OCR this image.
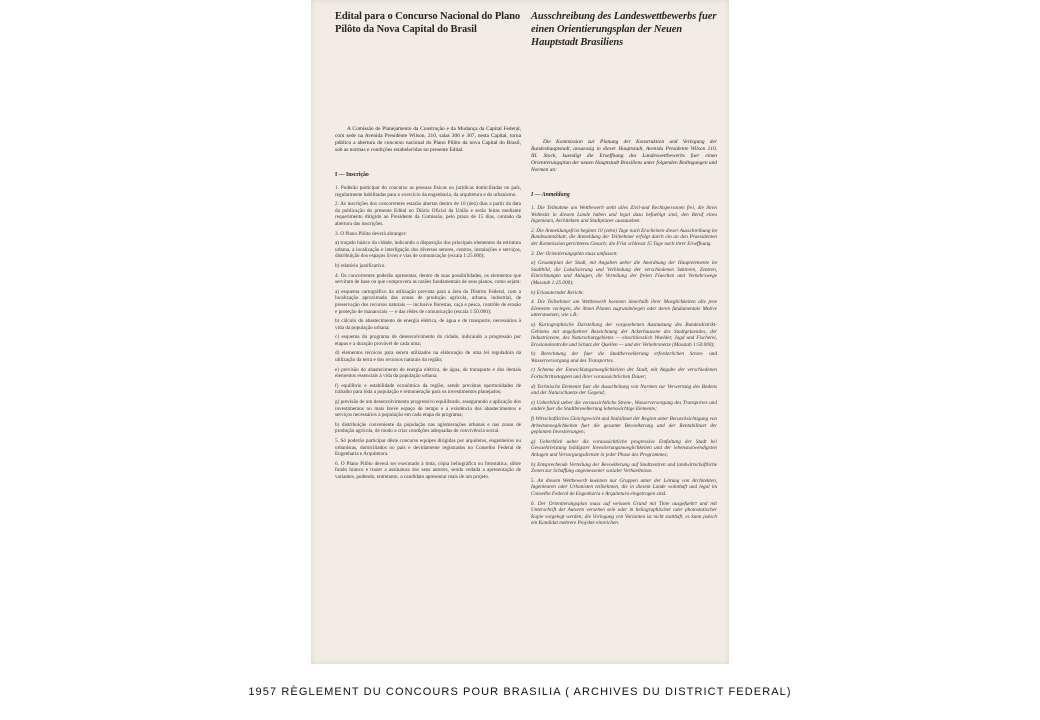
Edital para o Concurso Nacional do Plano Pilôto da Nova Capital do Brasil
A Comissão de Planejamento da Construção e da Mudança da Capital Federal, com sede na Avenida Presidente Wilson, 210, salas 306 e 307, nesta Capital, torna público a abertura do concurso nacional do Plano Pilôto da nova Capital do Brasil, sob as normas e condições estabelecidas no presente Edital.
I — Inscrição
1. Poderão participar do concurso as pessoas físicas ou jurídicas domiciliadas no país, regularmente habilitadas para o exercício da engenharia, da arquitetura e do urbanismo.
2. As inscrições dos concorrentes estarão abertas dentro de 10 (dez) dias a partir da data da publicação do presente Edital no Diário Oficial da União e serão feitas mediante requerimento dirigido ao Presidente da Comissão, pelo prazo de 15 dias, contado da abertura das inscrições.
3. O Plano Pilôto deverá abranger:
a) traçado básico da cidade, indicando a disposição dos principais elementos da estrutura urbana, a localização e interligação dos diversos setores, centros, instalações e serviços, distribuição dos espaços livres e vias de comunicação (escala 1:25.000);
b) relatório justificativo.
4. Os concorrentes poderão apresentar, dentro de suas possibilidades, os elementos que serviram de base ou que comprovem as razões fundamentais de seus planos, como sejam:
a) esquema cartográfico da utilização prevista para a área do Distrito Federal, com a localização aproximada das zonas de produção agrícola, urbana, industrial, de preservação dos recursos naturais — inclusive florestas, caça e pesca, contrôle de erosão e proteção de mananciais — e das rêdes de comunicação (escala 1:50.000);
b) cálculo do abastecimento de energia elétrica, de água e de transporte, necessários à vida da população urbana;
c) esquema do programa de desenvolvimento da cidade, indicando a progressão por etapas e a duração provável de cada uma;
d) elementos técnicos para serem utilizados na elaboração de uma lei reguladora da utilização da terra e dos recursos naturais da região;
e) previsão do abastecimento de energia elétrica, de água, de transporte e dos demais elementos essenciais à vida da população urbana;
f) equilíbrio e estabilidade econômica da região, sendo previstas oportunidades de trabalho para tôda a população e remuneração para os investimentos planejados;
g) previsão de um desenvolvimento progressivo equilibrado, assegurando a aplicação dos investimentos no mais breve espaço de tempo e a existência dos abastecimentos e serviços necessários à população em cada etapa do programa;
h) distribuição conveniente da população nas aglomerações urbanas e nas zonas de produção agrícola, de modo a criar condições adequadas de convivência social.
5. Só poderão participar dêste concurso equipes dirigidas por arquitetos, engenheiros ou urbanistas, domiciliados no país e devidamente registrados no Conselho Federal de Engenharia e Arquitetura.
6. O Plano Pilôto deverá ser executado à tinta, cópia heliográfica ou fotostática, sôbre fundo branco e trazer a assinatura dos seus autores, sendo vedada a apresentação de variantes, podendo, entretanto, o candidato apresentar mais de um projeto.
Ausschreibung des Landeswettbewerbs fuer einen Orientierungsplan der Neuen Hauptstadt Brasiliens
Die Kommission zur Planung der Konstruktion und Verlegung der Bundeshauptstadt, ansaessig in dieser Hauptstadt, Avenida Presidente Wilson 210, III. Stock, kuendigt die Eroeffnung des Landeswettbewerbs fuer einen Orientierungsplan der neuen Hauptstadt Brasiliens unter folgenden Bedingungen und Normen an:
I — Anmeldung
1. Die Teilnahme am Wettbewerb steht alles Zivil-und Rechtspersonen frei, die ihren Wohnsitz in diesem Lande haben und legal dazu befaehigt sind, den Beruf eines Ingenieurs, Architekten und Stadtplaner auszuueben.
2. Die Anmeldungsfrist beginnt 10 (zehn) Tage nach Erscheinen dieser Ausschreibung im Bundesamtsblatt; die Anmeldung der Teilnehmer erfolgt durch ein an den Praesidenten der Kommission gerichtetes Gesuch; die Frist schliesst 15 Tage nach ihrer Eroeffnung.
3. Der Orientierungsplan muss umfassen:
a) Gesamtplan der Stadt, mit Angaben ueber die Anordnung der Hauptelemente im Stadtbild, die Lokalisierung und Verbindung der verschiedenen Sektoren, Zentren, Einrichtungen und Anlagen, die Verteilung der freien Flaechen und Verkehrswege (Masstab 1:25.000);
b) Erlaeuternder Bericht.
4. Die Teilnehmer am Wettbewerb koennen innerhalb ihrer Moeglichkeiten alle jene Elemente vorlegen, die ihnen Planen zugrundeliegen oder deren fundamentale Motive unterstuetzen, wie z.B.:
a) Kartographische Darstellung der vorgesehenen Ausnutzung des Bundesdistrikt-Gebietes mit ungefaehrer Bezeichnung der Ackerbauzone des Stadtgelaendes, der Industriezone, des Naturschutzgebietes — einschliesslich Waelder, Jagd und Fischerei, Erosionskontrolle und Schutz der Quellen — und der Verkehrsnetze (Masstab 1:50.000);
b) Berechnung der fuer die Stadtbevoelkerung erforderlichen Strom- und Wasserversorgung und des Transportes.
c) Schema der Entwicklungsmoeglichkeiten der Stadt, mit Angabe der verschiedenen Fortschrittsetappen und ihrer voraussichtlichen Dauer;
d) Technische Elemente fuer die Ausarbeitung von Normen zur Verwertung des Bodens und der Naturschaetze der Gegend;
e) Ueberblick ueber die voraussichtliche Strom-, Wasserversorgung des Transportes und andere fuer die Stadtbevoelkerung lebenswichtige Elemente;
f) Wirtschaftliches Gleichgewicht und Stabilitaet der Region unter Beruecksichtigung von Arbeitsmoeglichkeiten fuer die gesamte Bevoelkerung und der Rentabilitaet der geplanten Investierungen;
g) Ueberblick ueber die voraussichtliche progressive Entfaltung der Stadt bei Gewaehrleistung baldigster Investierungsmoeglichkeiten und der lebensnotwendigsten Anlagen und Versorgungsdienste in jeder Phase des Programmes;
h) Entsprechende Verteilung der Bevoelkerung auf Stadtzentren und landwirtschaftliche Zonen zur Schaffung angemessener sozialer Verhaeltnisse.
5. An diesem Wettbewerb koennen nur Gruppen unter der Leitung von Architekten, Ingenieuren oder Urbanisten teilnehmen, die in diesem Lande wohnhaft und legal im Conselho Federal de Engenharia e Arquitetura eingetragen sind.
6. Der Orientierungsplan muss auf weissem Grund mit Tinte ausgefuehrt und mit Unterschrift der Autoren versehen sein oder in heliographischer oder photostatischer Kopie vorgelegt werden; die Vorlegung von Varianten ist nicht statthaft, es kann jedoch ein Kandidat mehrere Projekte einreichen.
1957 RÈGLEMENT DU CONCOURS POUR BRASILIA ( ARCHIVES DU DISTRICT FEDERAL)
